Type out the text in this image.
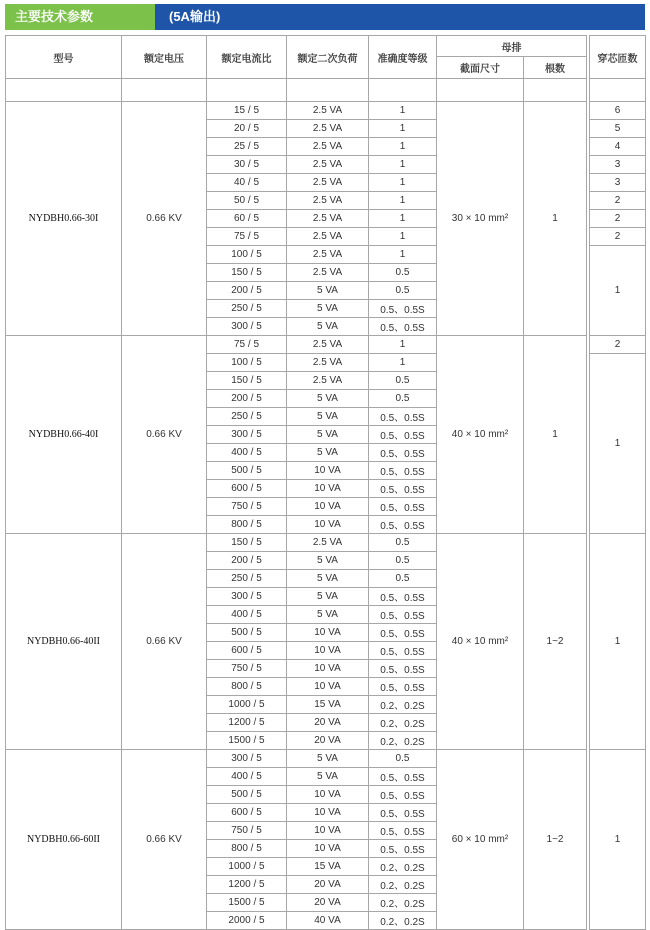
主要技术参数	(5A输出)
型号	额定电压	额定电流比	额定二次负荷	准确度等级	母排			穿芯匝数
					截面尺寸	根数		

NYDBH0.66-30I	0.66 KV	15 / 5	2.5 VA	1	30 × 10 mm²	1		6
		20 / 5	2.5 VA	1				5
		25 / 5	2.5 VA	1				4
		30 / 5	2.5 VA	1				3
		40 / 5	2.5 VA	1				3
		50 / 5	2.5 VA	1				2
		60 / 5	2.5 VA	1				2
		75 / 5	2.5 VA	1				2
		100 / 5	2.5 VA	1				1
		150 / 5	2.5 VA	0.5				
		200 / 5	5 VA	0.5				
		250 / 5	5 VA	0.5、0.5S				
		300 / 5	5 VA	0.5、0.5S				
NYDBH0.66-40I	0.66 KV	75 / 5	2.5 VA	1	40 × 10 mm²	1		2
		100 / 5	2.5 VA	1				1
		150 / 5	2.5 VA	0.5				
		200 / 5	5 VA	0.5				
		250 / 5	5 VA	0.5、0.5S				
		300 / 5	5 VA	0.5、0.5S				
		400 / 5	5 VA	0.5、0.5S				
		500 / 5	10 VA	0.5、0.5S				
		600 / 5	10 VA	0.5、0.5S				
		750 / 5	10 VA	0.5、0.5S				
		800 / 5	10 VA	0.5、0.5S				
NYDBH0.66-40II	0.66 KV	150 / 5	2.5 VA	0.5	40 × 10 mm²	1~2		1
		200 / 5	5 VA	0.5				
		250 / 5	5 VA	0.5				
		300 / 5	5 VA	0.5、0.5S				
		400 / 5	5 VA	0.5、0.5S				
		500 / 5	10 VA	0.5、0.5S				
		600 / 5	10 VA	0.5、0.5S				
		750 / 5	10 VA	0.5、0.5S				
		800 / 5	10 VA	0.5、0.5S				
		1000 / 5	15 VA	0.2、0.2S				
		1200 / 5	20 VA	0.2、0.2S				
		1500 / 5	20 VA	0.2、0.2S				
NYDBH0.66-60II	0.66 KV	300 / 5	5 VA	0.5	60 × 10 mm²	1~2		1
		400 / 5	5 VA	0.5、0.5S				
		500 / 5	10 VA	0.5、0.5S				
		600 / 5	10 VA	0.5、0.5S				
		750 / 5	10 VA	0.5、0.5S				
		800 / 5	10 VA	0.5、0.5S				
		1000 / 5	15 VA	0.2、0.2S				
		1200 / 5	20 VA	0.2、0.2S				
		1500 / 5	20 VA	0.2、0.2S				
		2000 / 5	40 VA	0.2、0.2S				
